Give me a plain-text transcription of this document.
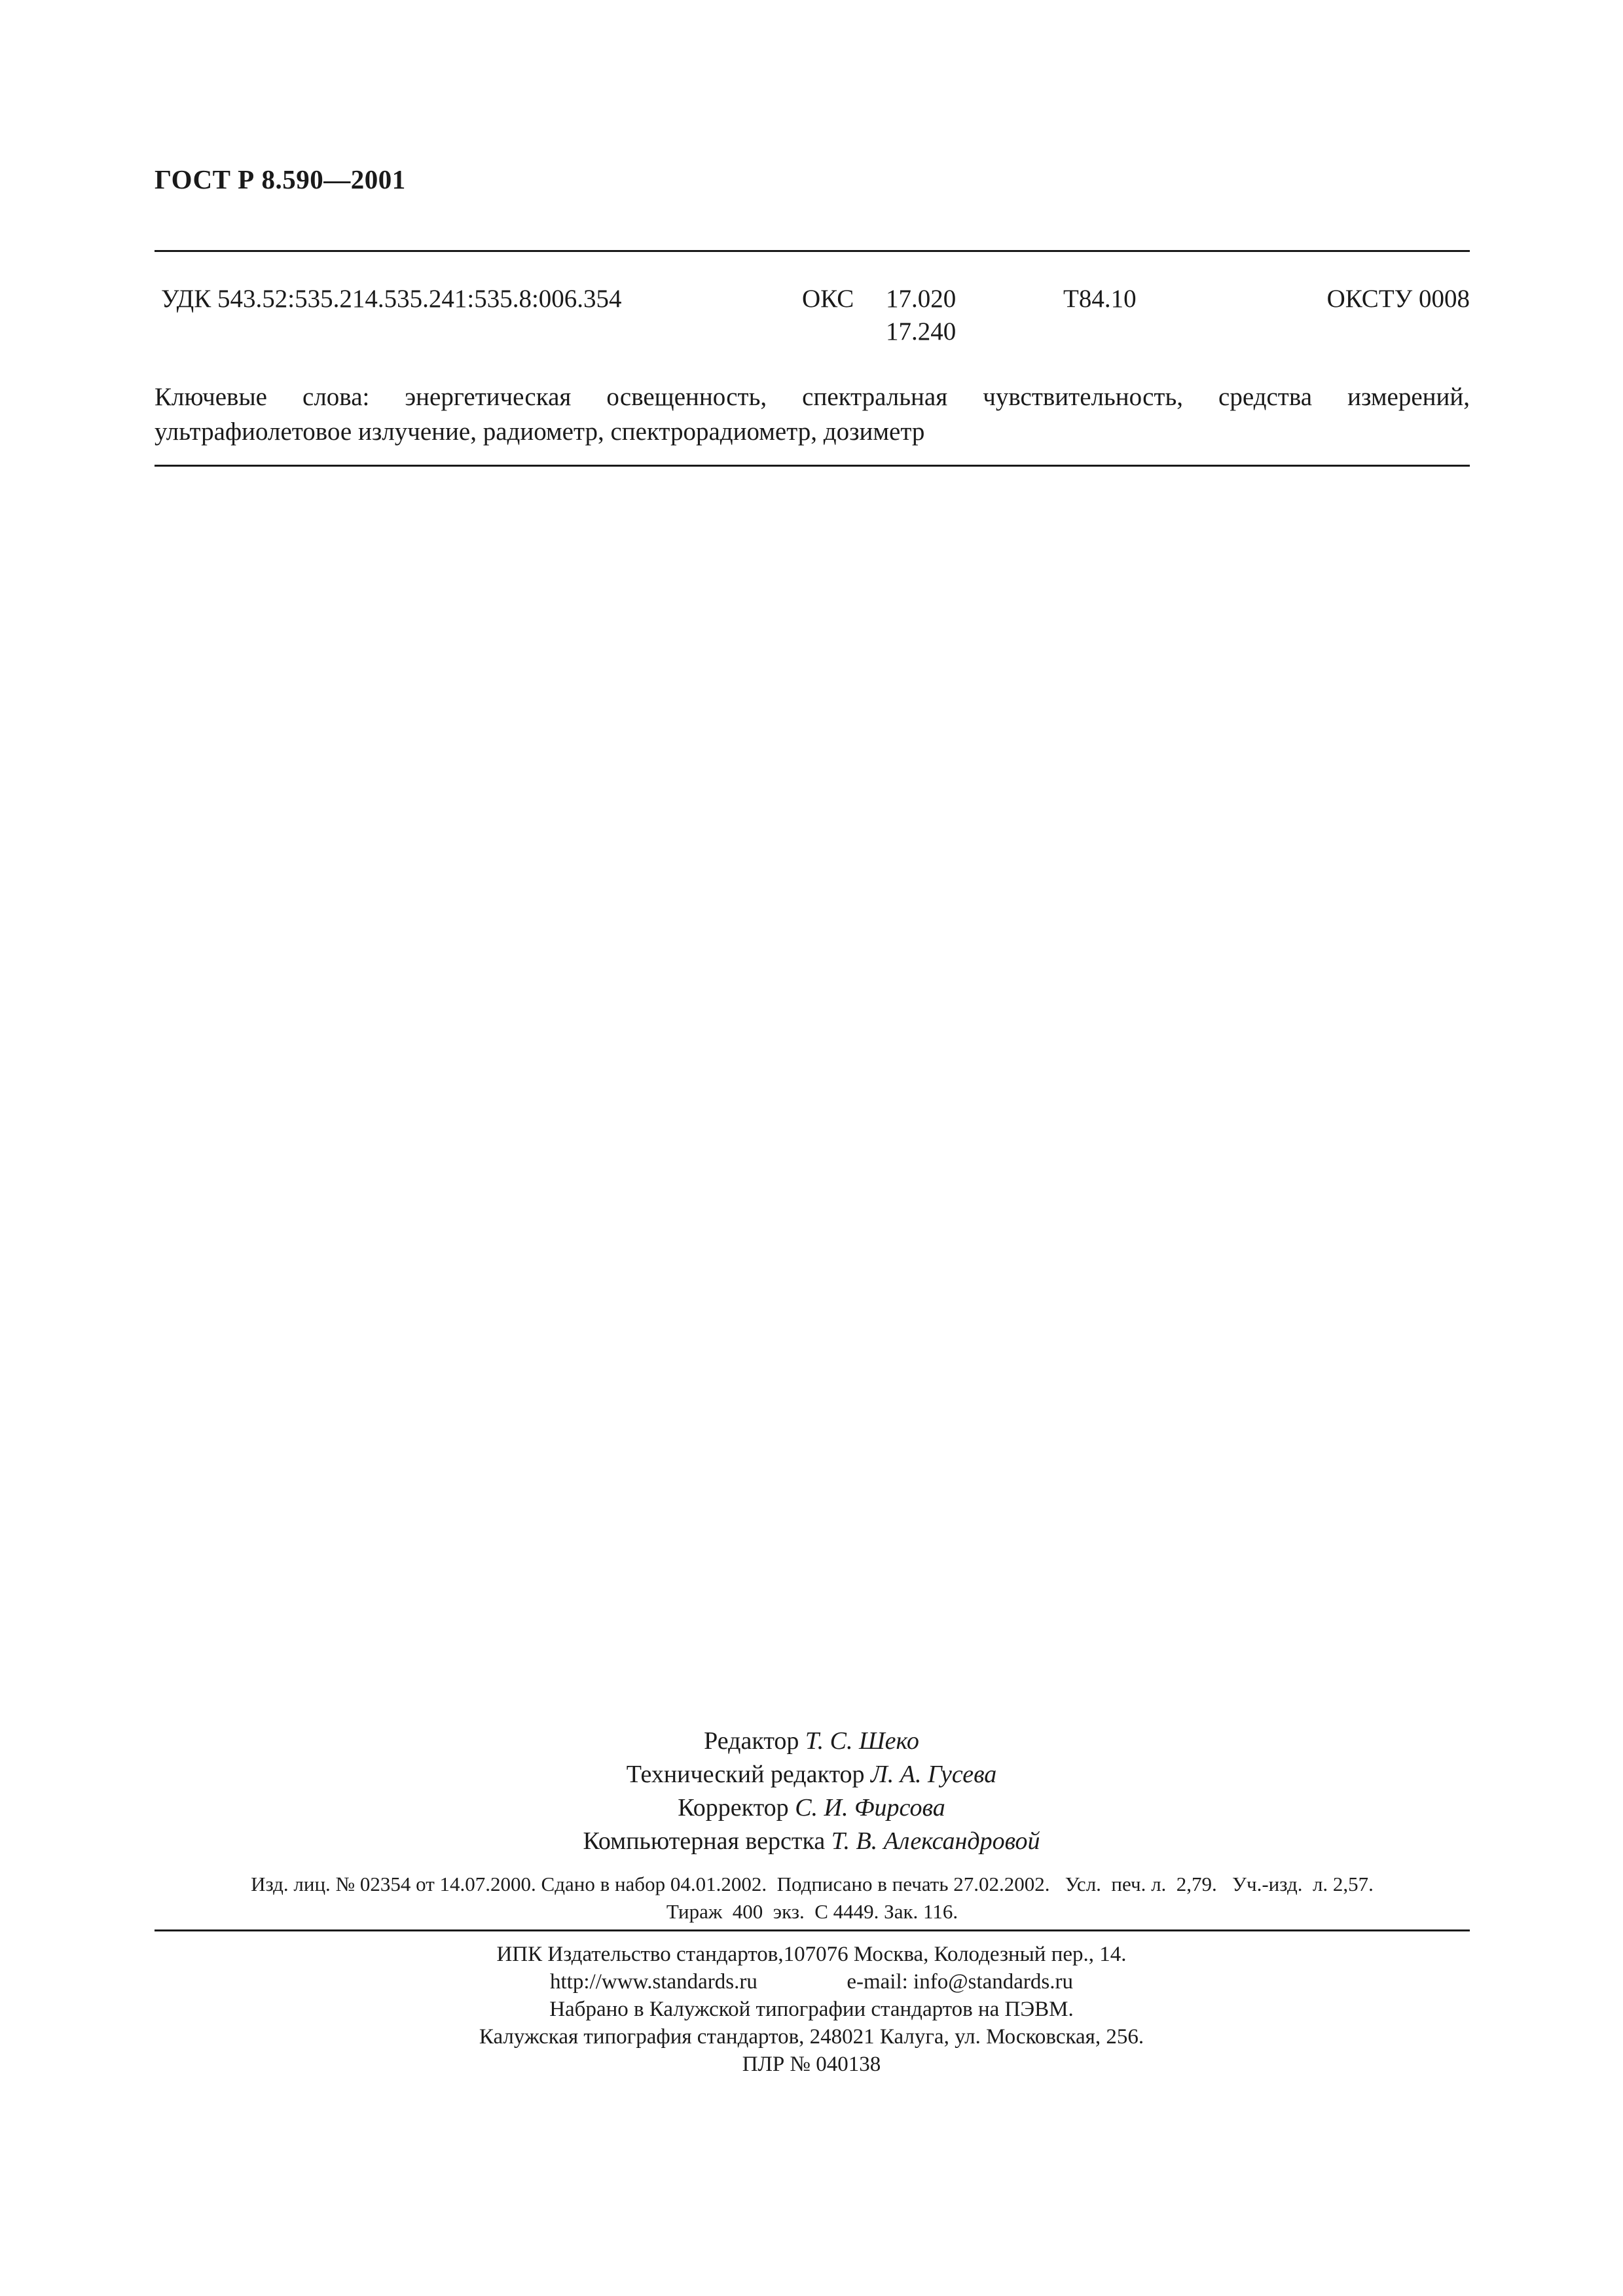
ГОСТ Р 8.590—2001
УДК 543.52:535.214.535.241:535.8:006.354	ОКС 17.020
17.240
Т84.10	ОКСТУ 0008
Ключевые слова: энергетическая освещенность, спектральная чувствительность, средства измерений, ультрафиолетовое излучение, радиометр, спектрорадиометр, дозиметр
Редактор Т. С. Шеко
Технический редактор Л. А. Гусева
Корректор С. И. Фирсова
Компьютерная верстка Т. В. Александровой
Изд. лиц. № 02354 от 14.07.2000. Сдано в набор 04.01.2002.  Подписано в печать 27.02.2002.   Усл.  печ. л.  2,79.   Уч.-изд.  л. 2,57.
Тираж  400  экз.  С 4449. Зак. 116.
ИПК Издательство стандартов,107076 Москва, Колодезный пер., 14.
http://www.standards.ru	e-mail: info@standards.ru
Набрано в Калужской типографии стандартов на ПЭВМ.
Калужская типография стандартов, 248021 Калуга, ул. Московская, 256.
ПЛР № 040138
